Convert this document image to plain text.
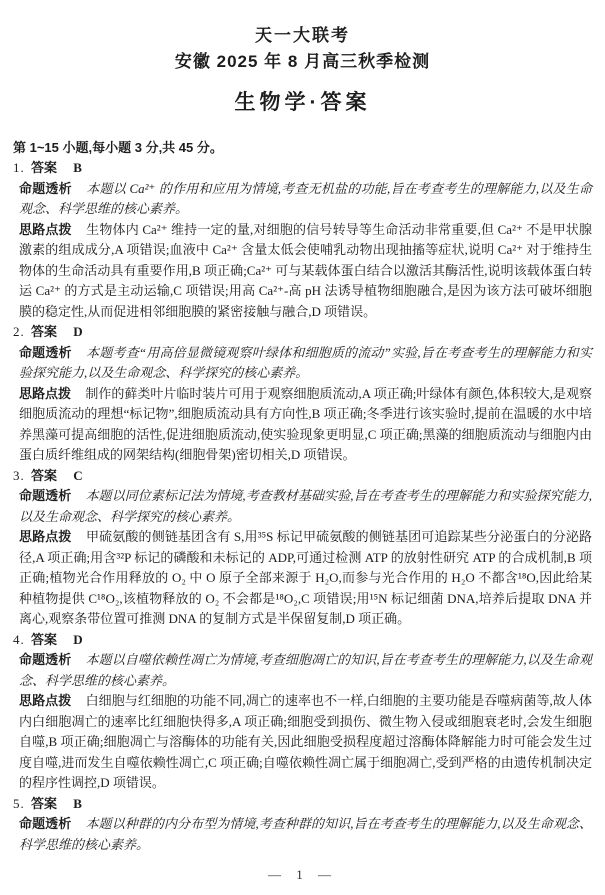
天一大联考
安徽 2025 年 8 月高三秋季检测
生物学·答案

第 1~15 小题,每小题 3 分,共 45 分。

1. 答案 B

命题透析 本题以 Ca²⁺ 的作用和应用为情境,考查无机盐的功能,旨在考查考生的理解能力,以及生命观念、科学思维的核心素养。

思路点拨 生物体内 Ca²⁺ 维持一定的量,对细胞的信号转导等生命活动非常重要,但 Ca²⁺ 不是甲状腺激素的组成成分,A 项错误;血液中 Ca²⁺ 含量太低会使哺乳动物出现抽搐等症状,说明 Ca²⁺ 对于维持生物体的生命活动具有重要作用,B 项正确;Ca²⁺ 可与某载体蛋白结合以激活其酶活性,说明该载体蛋白转运 Ca²⁺ 的方式是主动运输,C 项错误;用高 Ca²⁺-高 pH 法诱导植物细胞融合,是因为该方法可破坏细胞膜的稳定性,从而促进相邻细胞膜的紧密接触与融合,D 项错误。

2. 答案 D

命题透析 本题考查“用高倍显微镜观察叶绿体和细胞质的流动”实验,旨在考查考生的理解能力和实验探究能力,以及生命观念、科学探究的核心素养。

思路点拨 制作的藓类叶片临时装片可用于观察细胞质流动,A 项正确;叶绿体有颜色,体积较大,是观察细胞质流动的理想“标记物”,细胞质流动具有方向性,B 项正确;冬季进行该实验时,提前在温暖的水中培养黑藻可提高细胞的活性,促进细胞质流动,使实验现象更明显,C 项正确;黑藻的细胞质流动与细胞内由蛋白质纤维组成的网架结构(细胞骨架)密切相关,D 项错误。

3. 答案 C

命题透析 本题以同位素标记法为情境,考查教材基础实验,旨在考查考生的理解能力和实验探究能力,以及生命观念、科学探究的核心素养。

思路点拨 甲硫氨酸的侧链基团含有 S,用³⁵S 标记甲硫氨酸的侧链基团可追踪某些分泌蛋白的分泌路径,A 项正确;用含³²P 标记的磷酸和未标记的 ADP,可通过检测 ATP 的放射性研究 ATP 的合成机制,B 项正确;植物光合作用释放的 O₂ 中 O 原子全部来源于 H₂O,而参与光合作用的 H₂O 不都含¹⁸O,因此给某种植物提供 C¹⁸O₂,该植物释放的 O₂ 不会都是¹⁸O₂,C 项错误;用¹⁵N 标记细菌 DNA,培养后提取 DNA 并离心,观察条带位置可推测 DNA 的复制方式是半保留复制,D 项正确。

4. 答案 D

命题透析 本题以自噬依赖性凋亡为情境,考查细胞凋亡的知识,旨在考查考生的理解能力,以及生命观念、科学思维的核心素养。

思路点拨 白细胞与红细胞的功能不同,凋亡的速率也不一样,白细胞的主要功能是吞噬病菌等,故人体内白细胞凋亡的速率比红细胞快得多,A 项正确;细胞受到损伤、微生物入侵或细胞衰老时,会发生细胞自噬,B 项正确;细胞凋亡与溶酶体的功能有关,因此细胞受损程度超过溶酶体降解能力时可能会发生过度自噬,进而发生自噬依赖性凋亡,C 项正确;自噬依赖性凋亡属于细胞凋亡,受到严格的由遗传机制决定的程序性调控,D 项错误。

5. 答案 B

命题透析 本题以种群的内分布型为情境,考查种群的知识,旨在考查考生的理解能力,以及生命观念、科学思维的核心素养。

— 1 —
